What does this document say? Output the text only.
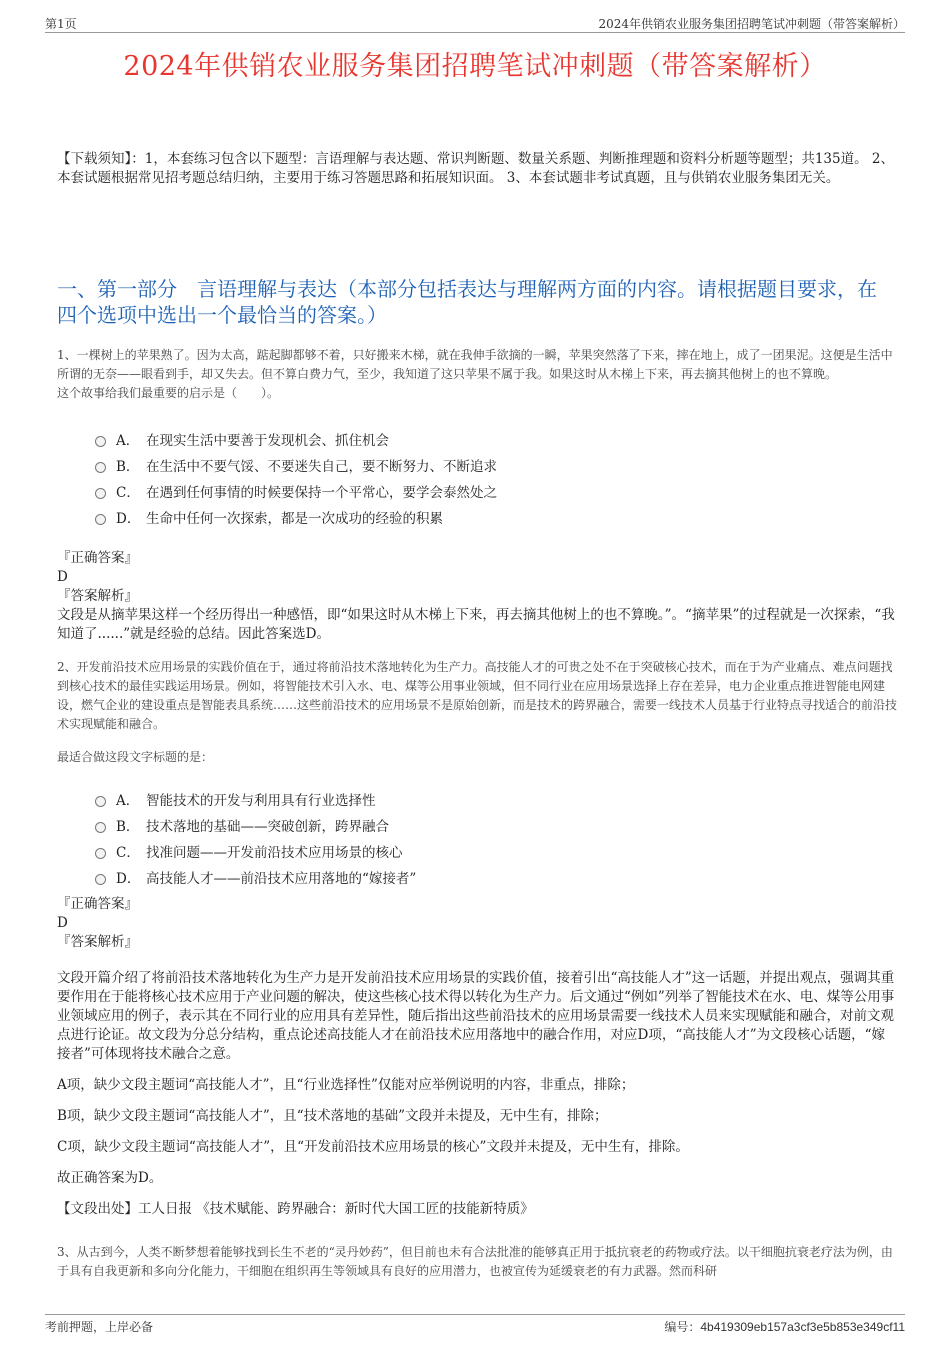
第1页	2024年供销农业服务集团招聘笔试冲刺题（带答案解析）
2024年供销农业服务集团招聘笔试冲刺题（带答案解析）
【下载须知】：1，本套练习包含以下题型：言语理解与表达题、常识判断题、数量关系题、判断推理题和资料分析题等题型；共135道。 2、本套试题根据常见招考题总结归纳，主要用于练习答题思路和拓展知识面。 3、本套试题非考试真题，且与供销农业服务集团无关。
一、第一部分　言语理解与表达（本部分包括表达与理解两方面的内容。请根据题目要求，在四个选项中选出一个最恰当的答案。）
1、一棵树上的苹果熟了。因为太高，踮起脚都够不着，只好搬来木梯，就在我伸手欲摘的一瞬，苹果突然落了下来，摔在地上，成了一团果泥。这便是生活中所谓的无奈——眼看到手，却又失去。但不算白费力气，至少，我知道了这只苹果不属于我。如果这时从木梯上下来，再去摘其他树上的也不算晚。
这个故事给我们最重要的启示是（　　）。
A． 在现实生活中要善于发现机会、抓住机会
B． 在生活中不要气馁、不要迷失自己，要不断努力、不断追求
C． 在遇到任何事情的时候要保持一个平常心，要学会泰然处之
D． 生命中任何一次探索，都是一次成功的经验的积累

『正确答案』

D

『答案解析』

文段是从摘苹果这样一个经历得出一种感悟，即“如果这时从木梯上下来，再去摘其他树上的也不算晚。”。“摘苹果”的过程就是一次探索，“我知道了......”就是经验的总结。因此答案选D。

2、开发前沿技术应用场景的实践价值在于，通过将前沿技术落地转化为生产力。高技能人才的可贵之处不在于突破核心技术，而在于为产业痛点、难点问题找到核心技术的最佳实践运用场景。例如，将智能技术引入水、电、煤等公用事业领域，但不同行业在应用场景选择上存在差异，电力企业重点推进智能电网建设，燃气企业的建设重点是智能表具系统……这些前沿技术的应用场景不是原始创新，而是技术的跨界融合，需要一线技术人员基于行业特点寻找适合的前沿技术实现赋能和融合。
最适合做这段文字标题的是：
A． 智能技术的开发与利用具有行业选择性
B． 技术落地的基础——突破创新，跨界融合
C． 找准问题——开发前沿技术应用场景的核心
D． 高技能人才——前沿技术应用落地的“嫁接者”

『正确答案』

D

『答案解析』

文段开篇介绍了将前沿技术落地转化为生产力是开发前沿技术应用场景的实践价值，接着引出“高技能人才”这一话题，并提出观点，强调其重要作用在于能将核心技术应用于产业问题的解决，使这些核心技术得以转化为生产力。后文通过“例如”列举了智能技术在水、电、煤等公用事业领域应用的例子，表示其在不同行业的应用具有差异性，随后指出这些前沿技术的应用场景需要一线技术人员来实现赋能和融合，对前文观点进行论证。故文段为分总分结构，重点论述高技能人才在前沿技术应用落地中的融合作用，对应D项，“高技能人才”为文段核心话题，“嫁接者”可体现将技术融合之意。

A项，缺少文段主题词“高技能人才”，且“行业选择性”仅能对应举例说明的内容，非重点，排除；

B项，缺少文段主题词“高技能人才”，且“技术落地的基础”文段并未提及，无中生有，排除；

C项，缺少文段主题词“高技能人才”，且“开发前沿技术应用场景的核心”文段并未提及，无中生有，排除。

故正确答案为D。

【文段出处】工人日报 《技术赋能、跨界融合：新时代大国工匠的技能新特质》

3、从古到今，人类不断梦想着能够找到长生不老的“灵丹妙药”，但目前也未有合法批准的能够真正用于抵抗衰老的药物或疗法。以干细胞抗衰老疗法为例，由于具有自我更新和多向分化能力，干细胞在组织再生等领域具有良好的应用潜力，也被宣传为延缓衰老的有力武器。然而科研
考前押题，上岸必备	编号：4b419309eb157a3cf3e5b853e349cf11
